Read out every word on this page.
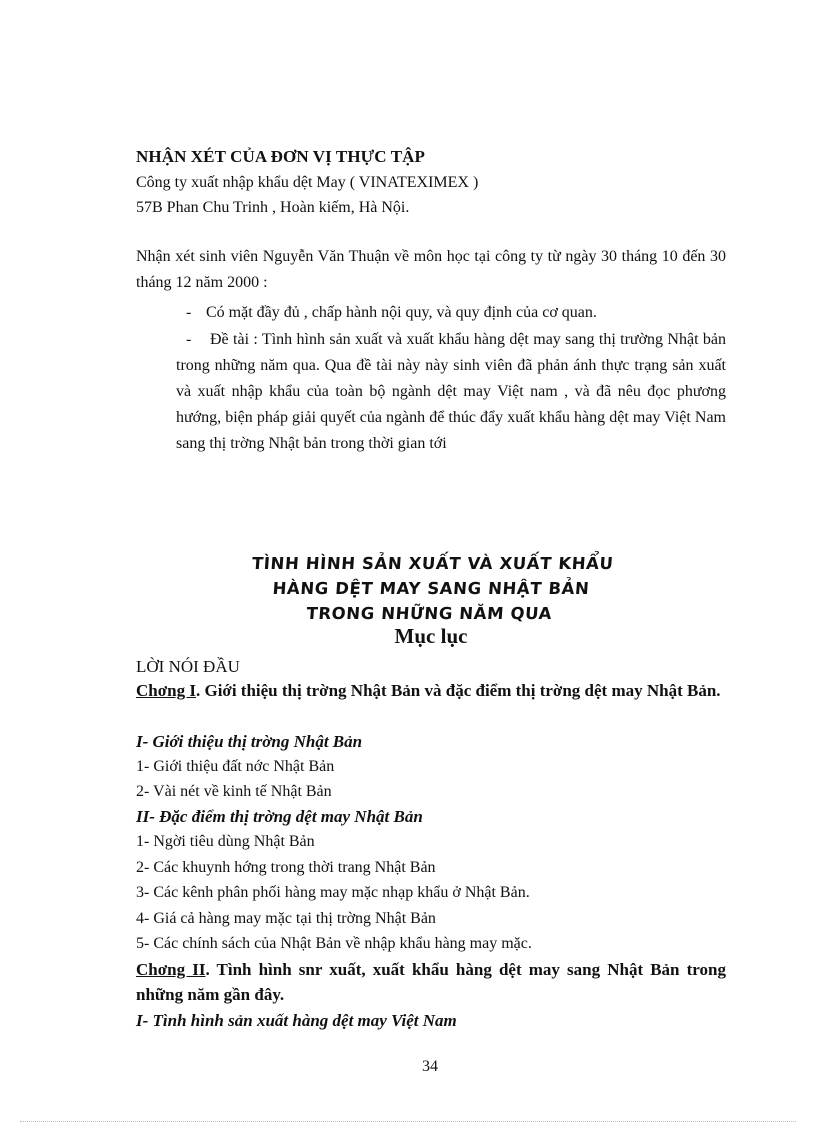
NHẬN XÉT CỦA ĐƠN VỊ THỰC TẬP
Công ty xuất nhập khẩu dệt May ( VINATEXIMEX )
57B Phan Chu Trinh , Hoàn kiếm, Hà Nội.
Nhận xét sinh viên Nguyễn Văn Thuận về môn học tại công ty từ ngày 30 tháng 10 đến 30 tháng 12 năm 2000 :
- Có mặt đầy đủ , chấp hành nội quy, và quy định của cơ quan.
- Đề tài : Tình hình sản xuất và xuất khẩu hàng dệt may sang thị trường Nhật bản trong những năm qua. Qua đề tài này này sinh viên đã phản ánh thực trạng sản xuất và xuất nhập khẩu của toàn bộ ngành dệt may Việt nam , và đã nêu đọc phương hướng, biện pháp giải quyết của ngành để thúc đẩy xuất khẩu hàng dệt may Việt Nam sang thị trờng Nhật bản trong thời gian tới
TÌNH HÌNH SẢN XUẤT VÀ XUẤT KHẨU
HÀNG DỆT MAY SANG NHẬT BẢN
TRONG NHỮNG NĂM QUA
Mục lục
LỜI NÓI ĐẦU
Chơng I. Giới thiệu thị trờng Nhật Bản và đặc điểm thị trờng dệt may Nhật Bản.
I- Giới thiệu thị trờng Nhật Bản
1- Giới thiệu đất nớc Nhật Bản
2- Vài nét về kinh tế Nhật Bản
II- Đặc điểm thị trờng dệt may Nhật Bản
1- Ngời tiêu dùng Nhật Bản
2- Các khuynh hớng trong thời trang Nhật Bản
3- Các kênh phân phối hàng may mặc nhạp khẩu ở Nhật Bản.
4- Giá cả hàng may mặc tại thị trờng Nhật Bản
5- Các chính sách của Nhật Bản về nhập khẩu hàng may mặc.
Chơng II. Tình hình snr xuất, xuất khẩu hàng dệt may sang Nhật Bản trong những năm gần đây.
I- Tình hình sản xuất hàng dệt may Việt Nam
34
